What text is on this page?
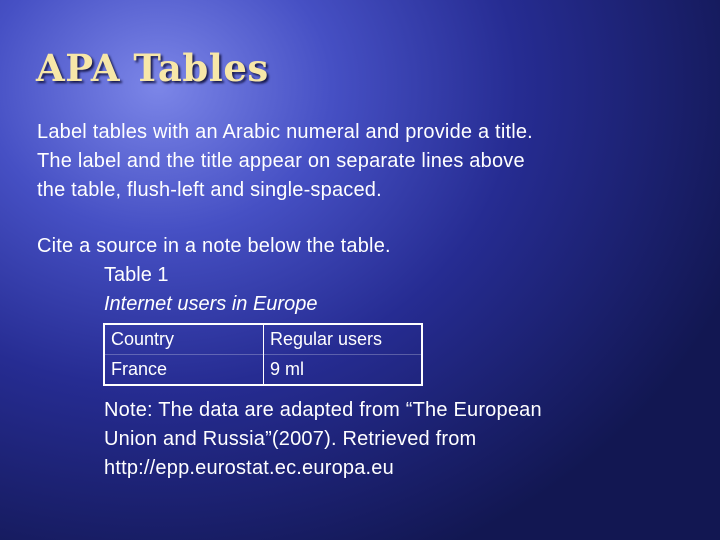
APA Tables

Label tables with an Arabic numeral and provide a title.
The label and the title appear on separate lines above
the table, flush-left and single-spaced.

Cite a source in a note below the table.

Table 1

Internet users in Europe

Country	Regular users
France	9 ml

Note: The data are adapted from “The European
Union and Russia”(2007). Retrieved from
http://epp.eurostat.ec.europa.eu
